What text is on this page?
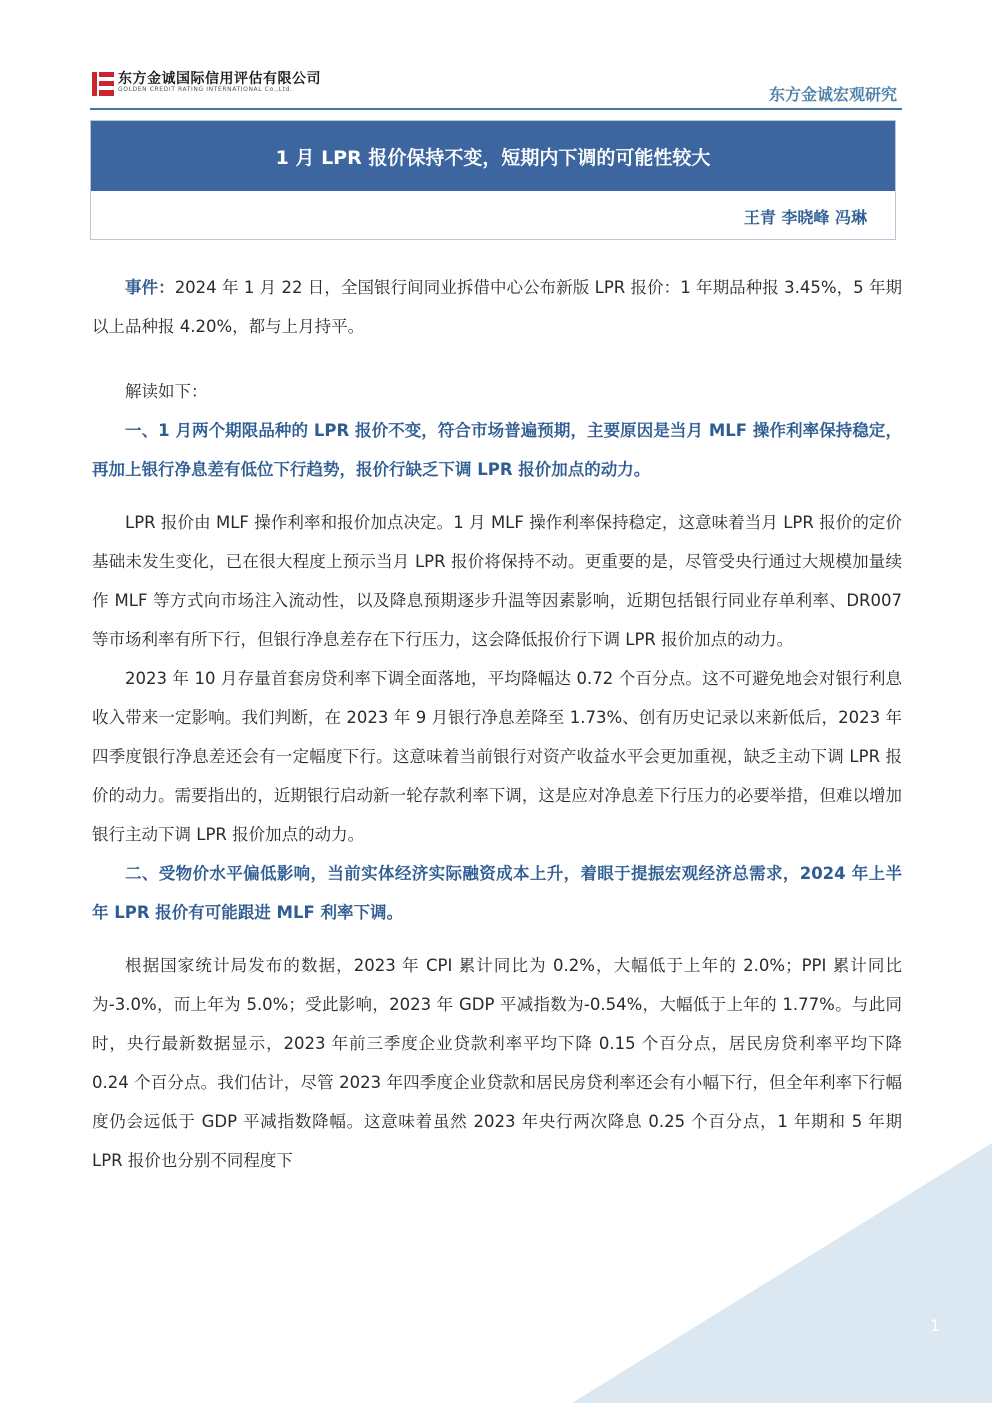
1
东方金诚国际信用评估有限公司
GOLDEN CREDIT RATING INTERNATIONAL Co.,Ltd.	东方金诚宏观研究
1 月 LPR 报价保持不变，短期内下调的可能性较大
王青 李晓峰 冯琳

事件：2024 年 1 月 22 日，全国银行间同业拆借中心公布新版 LPR 报价：1 年期品种报 3.45%，5 年期以上品种报 4.20%，都与上月持平。

解读如下：

一、1 月两个期限品种的 LPR 报价不变，符合市场普遍预期，主要原因是当月 MLF 操作利率保持稳定，再加上银行净息差有低位下行趋势，报价行缺乏下调 LPR 报价加点的动力。

LPR 报价由 MLF 操作利率和报价加点决定。1 月 MLF 操作利率保持稳定，这意味着当月 LPR 报价的定价基础未发生变化，已在很大程度上预示当月 LPR 报价将保持不动。更重要的是，尽管受央行通过大规模加量续作 MLF 等方式向市场注入流动性，以及降息预期逐步升温等因素影响，近期包括银行同业存单利率、DR007 等市场利率有所下行，但银行净息差存在下行压力，这会降低报价行下调 LPR 报价加点的动力。

2023 年 10 月存量首套房贷利率下调全面落地，平均降幅达 0.72 个百分点。这不可避免地会对银行利息收入带来一定影响。我们判断，在 2023 年 9 月银行净息差降至 1.73%、创有历史记录以来新低后，2023 年四季度银行净息差还会有一定幅度下行。这意味着当前银行对资产收益水平会更加重视，缺乏主动下调 LPR 报价的动力。需要指出的，近期银行启动新一轮存款利率下调，这是应对净息差下行压力的必要举措，但难以增加银行主动下调 LPR 报价加点的动力。

二、受物价水平偏低影响，当前实体经济实际融资成本上升，着眼于提振宏观经济总需求，2024 年上半年 LPR 报价有可能跟进 MLF 利率下调。

根据国家统计局发布的数据，2023 年 CPI 累计同比为 0.2%，大幅低于上年的 2.0%；PPI 累计同比为-3.0%，而上年为 5.0%；受此影响，2023 年 GDP 平减指数为-0.54%，大幅低于上年的 1.77%。与此同时，央行最新数据显示，2023 年前三季度企业贷款利率平均下降 0.15 个百分点，居民房贷利率平均下降 0.24 个百分点。我们估计，尽管 2023 年四季度企业贷款和居民房贷利率还会有小幅下行，但全年利率下行幅度仍会远低于 GDP 平减指数降幅。这意味着虽然 2023 年央行两次降息 0.25 个百分点，1 年期和 5 年期 LPR 报价也分别不同程度下
